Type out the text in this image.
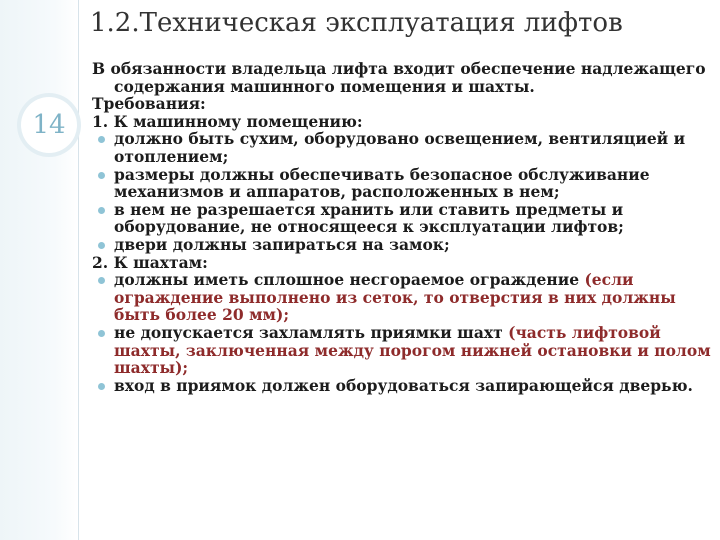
1.2.Техническая эксплуатация лифтов
14
В обязанности владельца лифта входит обеспечение надлежащего содержания машинного помещения и шахты.
Требования:
1. К машинному помещению:
должно быть сухим, оборудовано освещением, вентиляцией и отоплением;
размеры должны обеспечивать безопасное обслуживание механизмов и аппаратов, расположенных в нем;
в нем не разрешается хранить или ставить предметы и оборудование, не относящееся к эксплуатации лифтов;
двери должны запираться на замок;
2. К шахтам:
должны иметь сплошное несгораемое ограждение (если ограждение выполнено из сеток, то отверстия в них должны быть более 20 мм);
не допускается захламлять приямки шахт (часть лифтовой шахты, заключенная между порогом нижней остановки и полом шахты);
вход в приямок должен оборудоваться запирающейся дверью.
